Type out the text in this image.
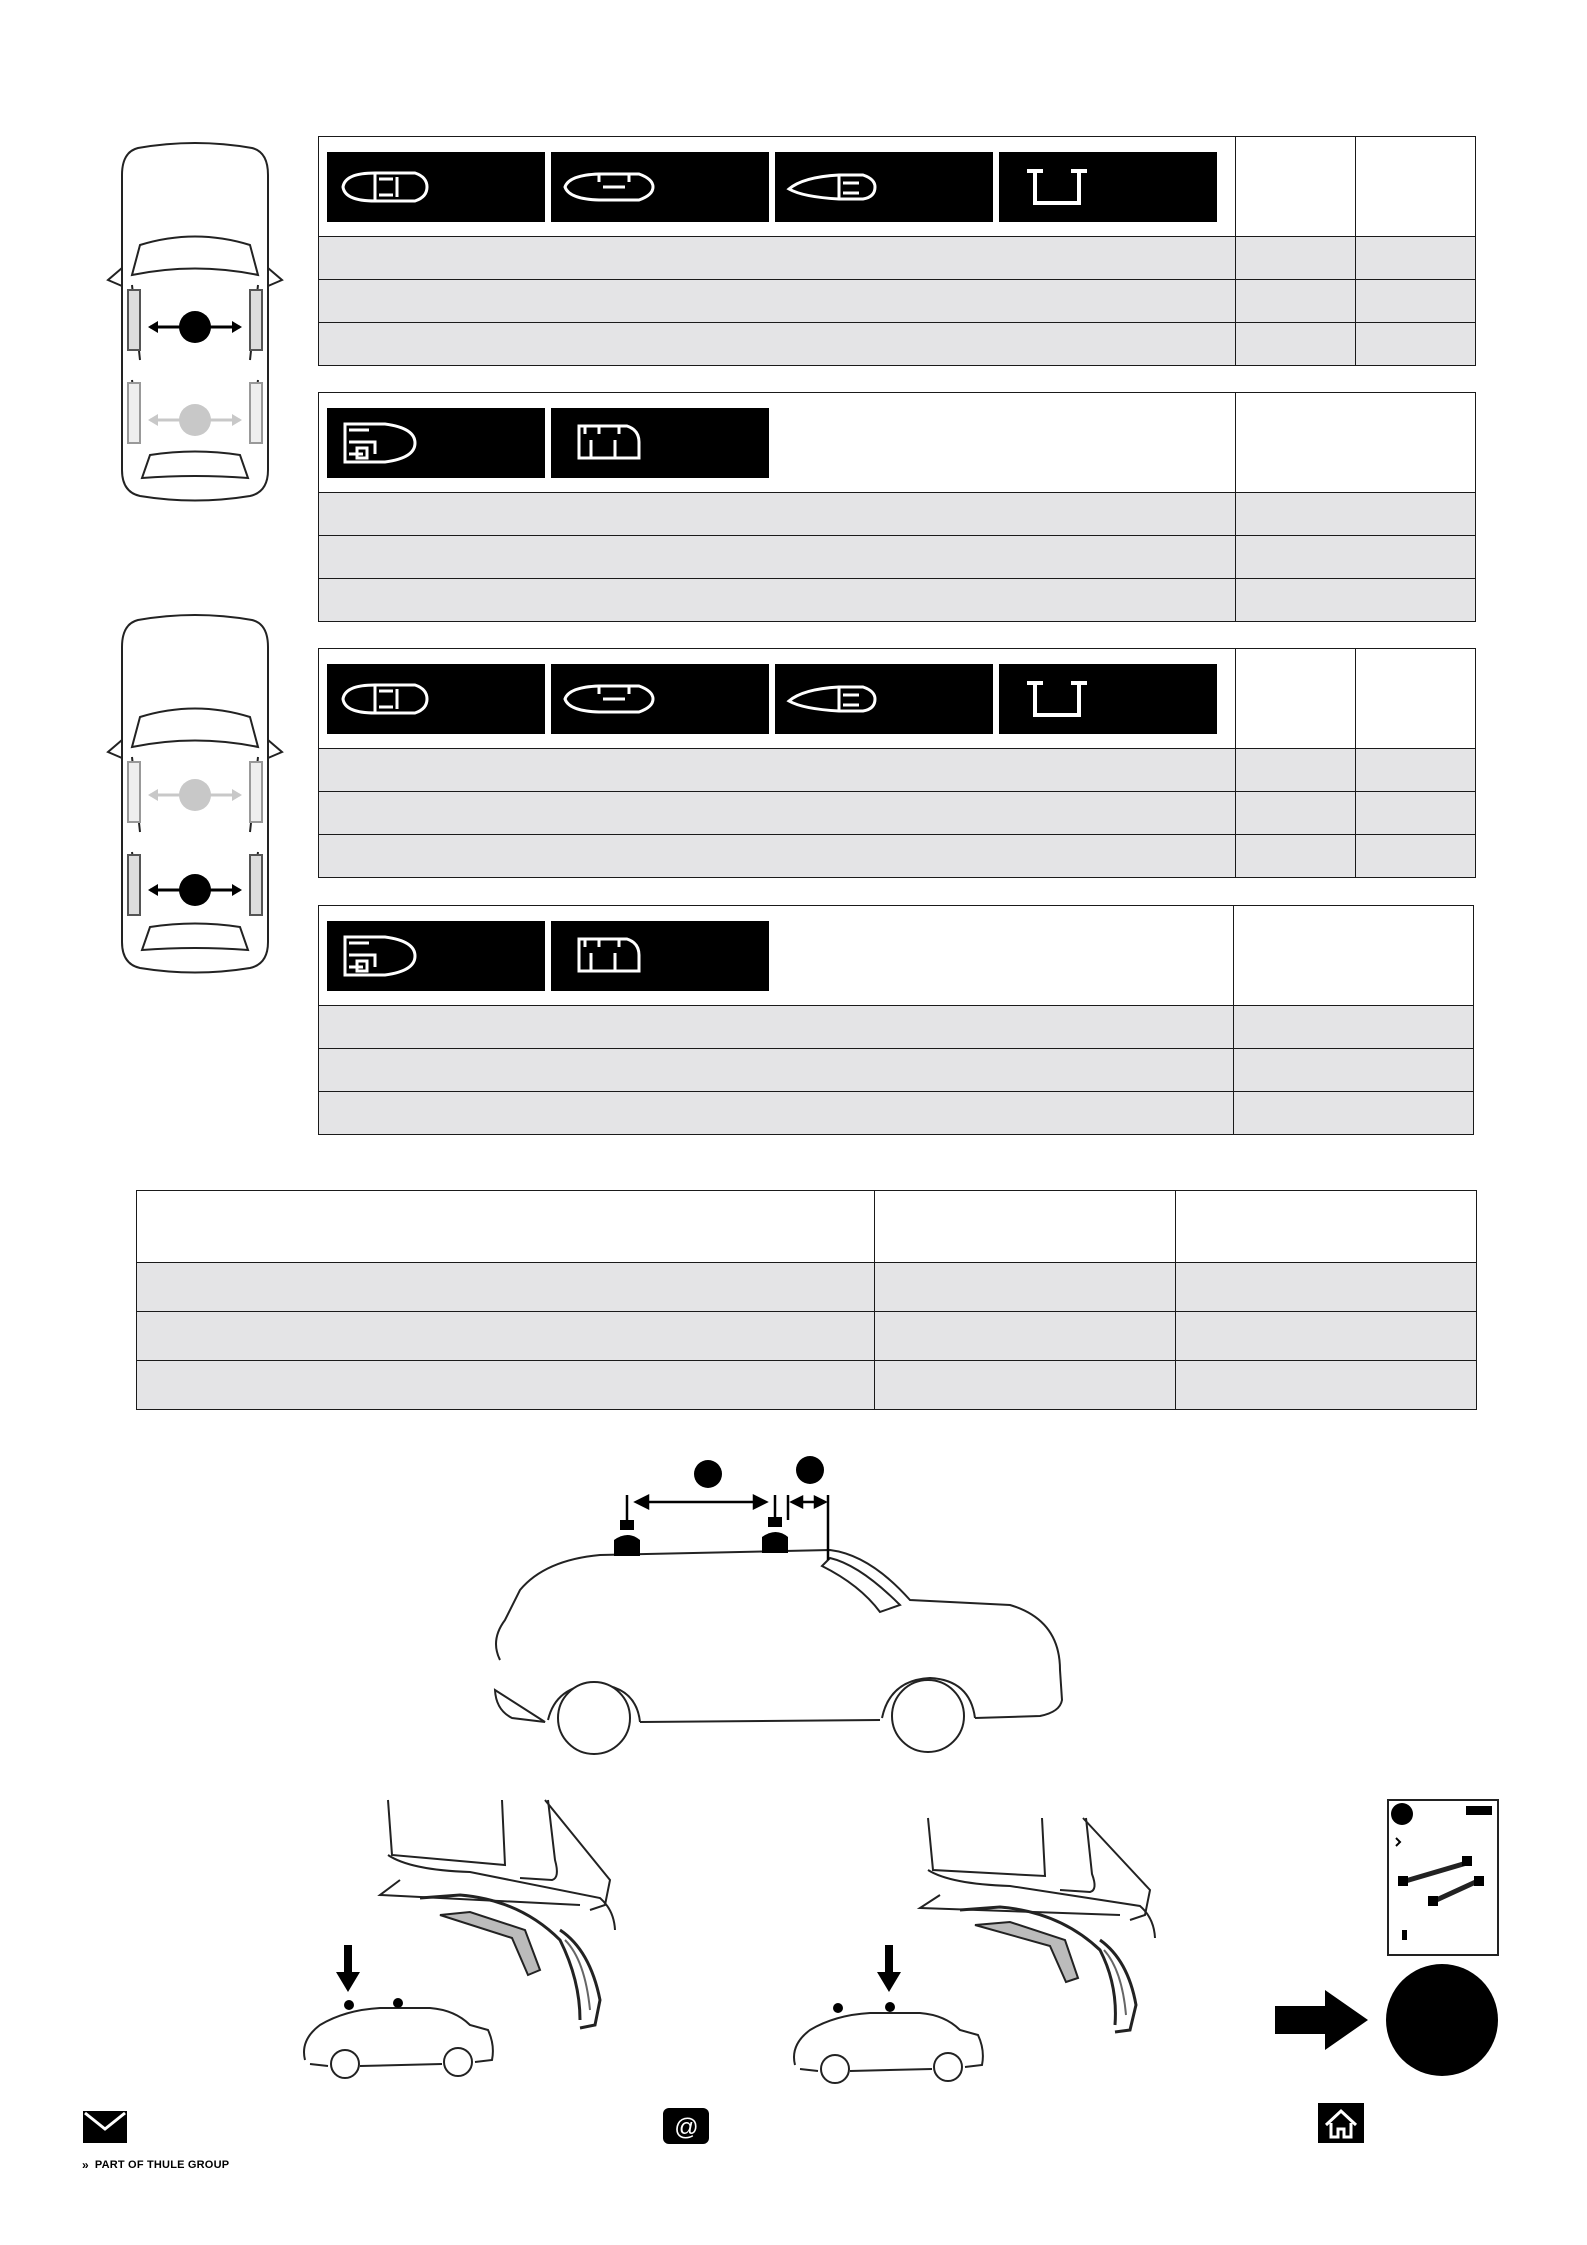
» PART OF THULE GROUP
@
